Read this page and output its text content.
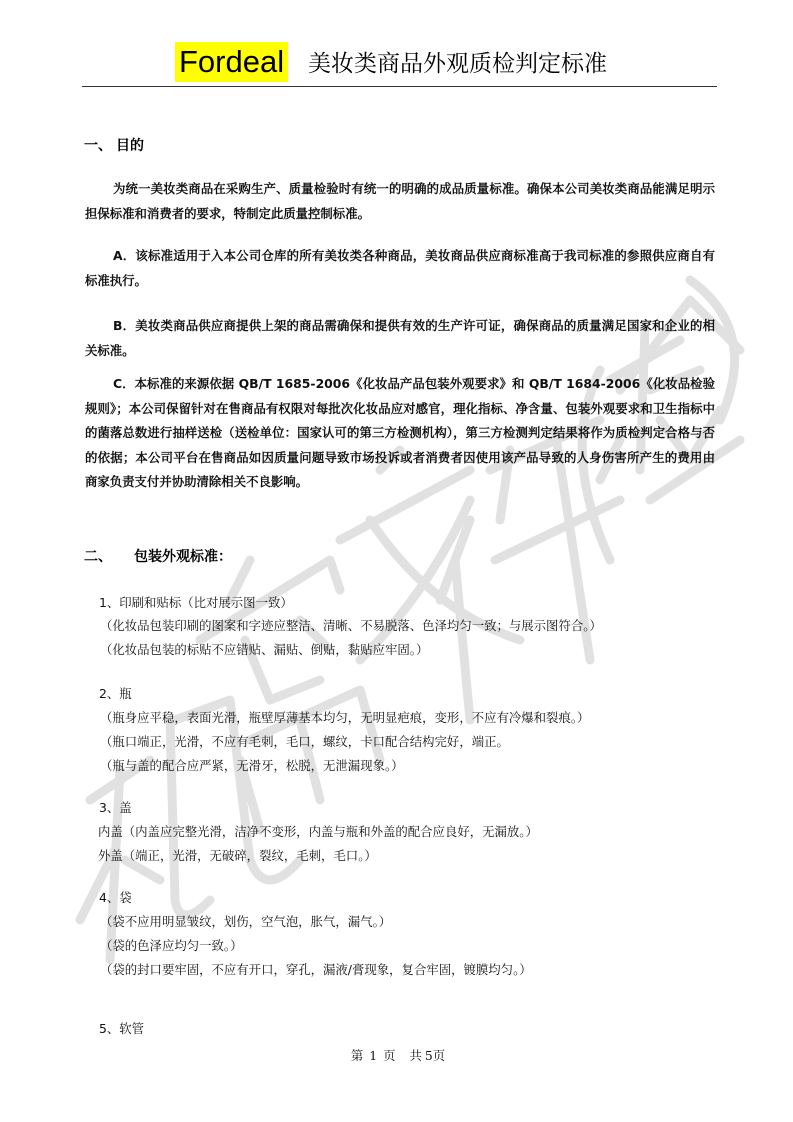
Fordeal 美妆类商品外观质检判定标准
一、 目的

为统一美妆类商品在采购生产、质量检验时有统一的明确的成品质量标准。确保本公司美妆类商品能满足明示担保标准和消费者的要求，特制定此质量控制标准。

A．该标准适用于入本公司仓库的所有美妆类各种商品，美妆商品供应商标准高于我司标准的参照供应商自有标准执行。

B．美妆类商品供应商提供上架的商品需确保和提供有效的生产许可证，确保商品的质量满足国家和企业的相关标准。

C．本标准的来源依据 QB/T 1685-2006《化妆品产品包装外观要求》和 QB/T 1684-2006《化妆品检验规则》；本公司保留针对在售商品有权限对每批次化妆品应对感官，理化指标、净含量、包装外观要求和卫生指标中的菌落总数进行抽样送检（送检单位：国家认可的第三方检测机构），第三方检测判定结果将作为质检判定合格与否的依据；本公司平台在售商品如因质量问题导致市场投诉或者消费者因使用该产品导致的人身伤害所产生的费用由商家负责支付并协助清除相关不良影响。

二、 包装外观标准：
1、印刷和贴标（比对展示图一致）
（化妆品包装印刷的图案和字迹应整洁、清晰、不易脱落、色泽均匀一致；与展示图符合。）
（化妆品包装的标贴不应错贴、漏贴、倒贴，黏贴应牢固。）
2、瓶
（瓶身应平稳，表面光滑，瓶壁厚薄基本均匀，无明显疤痕，变形，不应有冷爆和裂痕。）
（瓶口端正，光滑，不应有毛刺，毛口，螺纹，卡口配合结构完好，端正。
（瓶与盖的配合应严紧，无滑牙，松脱，无泄漏现象。）
3、盖
内盖（内盖应完整光滑，洁净不变形，内盖与瓶和外盖的配合应良好，无漏放。）
外盖（端正，光滑，无破碎，裂纹，毛刺，毛口。）
4、袋
（袋不应用明显皱纹，划伤，空气泡，胀气，漏气。）
（袋的色泽应均匀一致。）
（袋的封口要牢固，不应有开口，穿孔，漏液/膏现象，复合牢固，镀膜均匀。）
5、软管
第 1 页 共 5页
